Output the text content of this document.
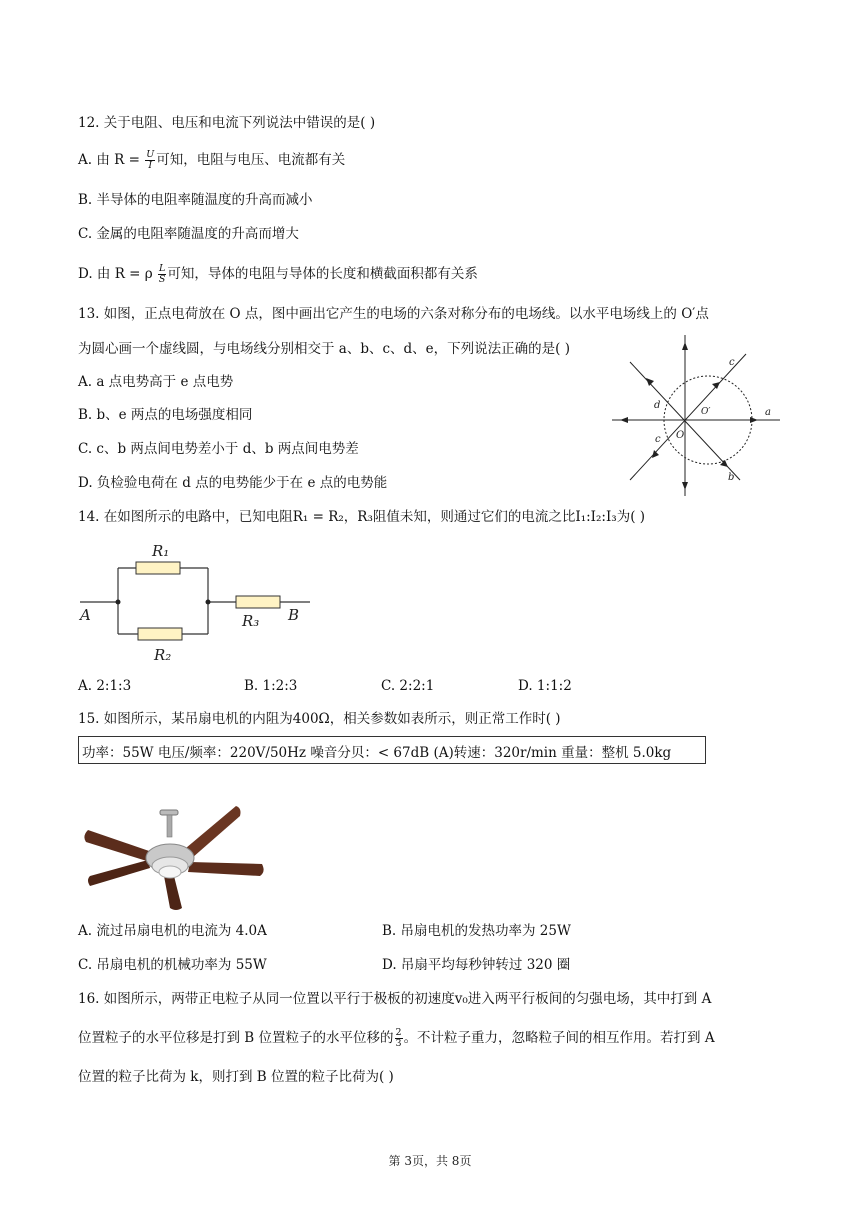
12. 关于电阻、电压和电流下列说法中错误的是( )
A. 由 $R = \frac{U}{I}$ 可知，电阻与电压、电流都有关
B. 半导体的电阻率随温度的升高而减小
C. 金属的电阻率随温度的升高而增大
D. 由 R = ρ $\frac{L}{S}$ 可知，导体的电阻与导体的长度和横截面积都有关系
13. 如图，正点电荷放在 O 点，图中画出它产生的电场的六条对称分布的电场线。以水平电场线上的 O′点
为圆心画一个虚线圆，与电场线分别相交于 a、b、c、d、e，下列说法正确的是( )
A. a 点电势高于 e 点电势
B. b、e 两点的电场强度相同
C. c、b 两点间电势差小于 d、b 两点间电势差
D. 负检验电荷在 d 点的电势能少于在 e 点的电势能
c
a
b
d
c O
O′
14. 在如图所示的电路中，已知电阻R₁ = R₂，R₃阻值未知，则通过它们的电流之比I₁:I₂:I₃为( )
R₁
R₂
R₃
A	B
A. 2:1:3	B. 1:2:3	C. 2:2:1	D. 1:1:2
15. 如图所示，某吊扇电机的内阻为400Ω，相关参数如表所示，则正常工作时( )
功率：55W 电压/频率：220V/50Hz 噪音分贝：< 67dB (A)转速：320r/min 重量：整机 5.0kg
A. 流过吊扇电机的电流为 4.0A	B. 吊扇电机的发热功率为 25W
C. 吊扇电机的机械功率为 55W	D. 吊扇平均每秒钟转过 320 圈
16. 如图所示，两带正电粒子从同一位置以平行于极板的初速度v₀进入两平行板间的匀强电场，其中打到 A
位置粒子的水平位移是打到 B 位置粒子的水平位移的 $\frac{2}{3}$ 。不计粒子重力，忽略粒子间的相互作用。若打到 A
位置的粒子比荷为 k，则打到 B 位置的粒子比荷为( )
第 3页，共 8页
